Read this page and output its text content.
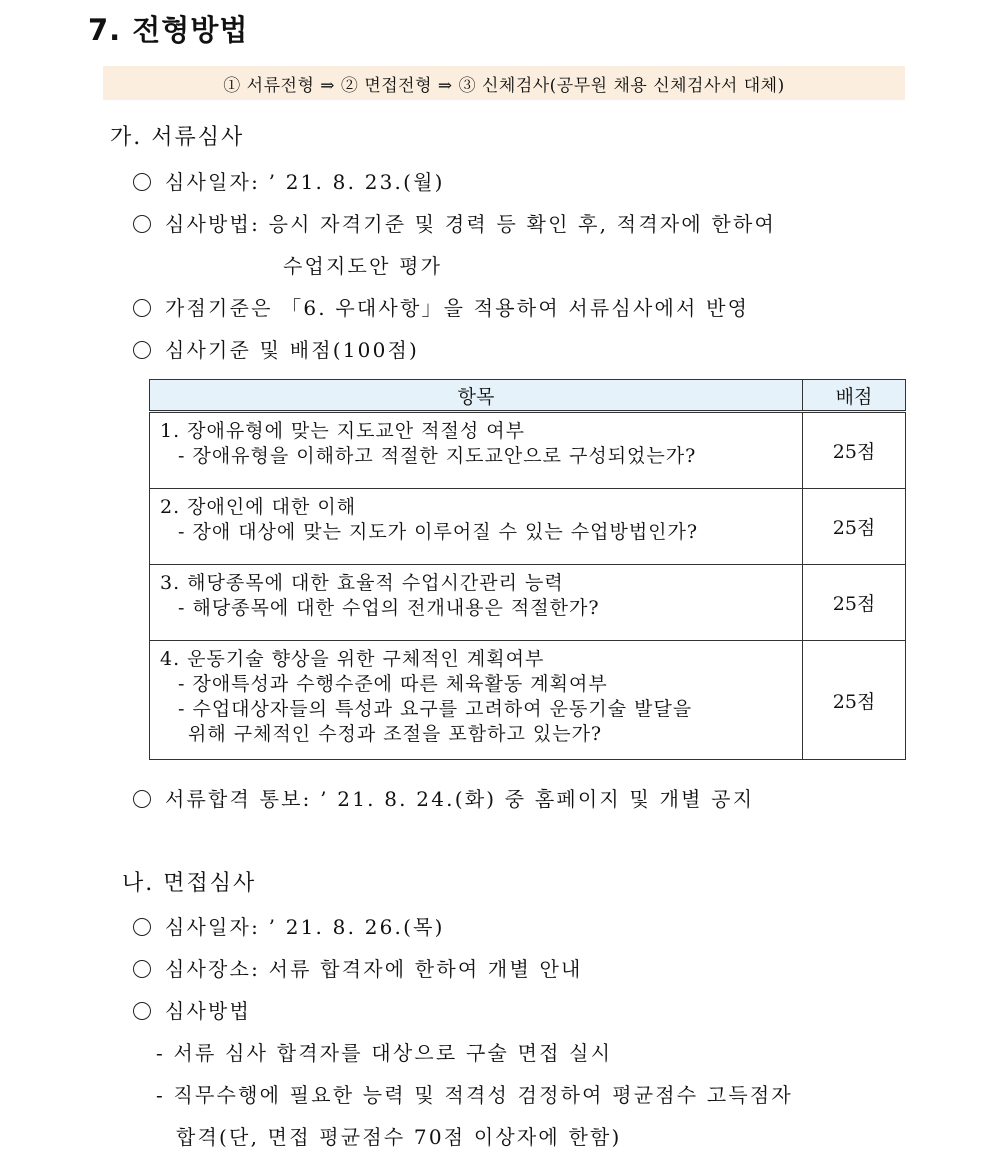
7. 전형방법
① 서류전형 ⇒ ② 면접전형 ⇒ ③ 신체검사(공무원 채용 신체검사서 대체)
가. 서류심사
심사일자: ’ 21. 8. 23.(월)
심사방법: 응시 자격기준 및 경력 등 확인 후, 적격자에 한하여
수업지도안 평가
가점기준은 「6. 우대사항」을 적용하여 서류심사에서 반영
심사기준 및 배점(100점)
항목	배점

1. 장애유형에 맞는 지도교안 적절성 여부
- 장애유형을 이해하고 적절한 지도교안으로 구성되었는가?	25점

2. 장애인에 대한 이해
- 장애 대상에 맞는 지도가 이루어질 수 있는 수업방법인가?	25점

3. 해당종목에 대한 효율적 수업시간관리 능력
- 해당종목에 대한 수업의 전개내용은 적절한가?	25점

4. 운동기술 향상을 위한 구체적인 계획여부
- 장애특성과 수행수준에 따른 체육활동 계획여부
- 수업대상자들의 특성과 요구를 고려하여 운동기술 발달을
위해 구체적인 수정과 조절을 포함하고 있는가?	25점
서류합격 통보: ’ 21. 8. 24.(화) 중 홈페이지 및 개별 공지
나. 면접심사
심사일자: ’ 21. 8. 26.(목)
심사장소: 서류 합격자에 한하여 개별 안내
심사방법
- 서류 심사 합격자를 대상으로 구술 면접 실시
- 직무수행에 필요한 능력 및 적격성 검정하여 평균점수 고득점자
합격(단, 면접 평균점수 70점 이상자에 한함)
